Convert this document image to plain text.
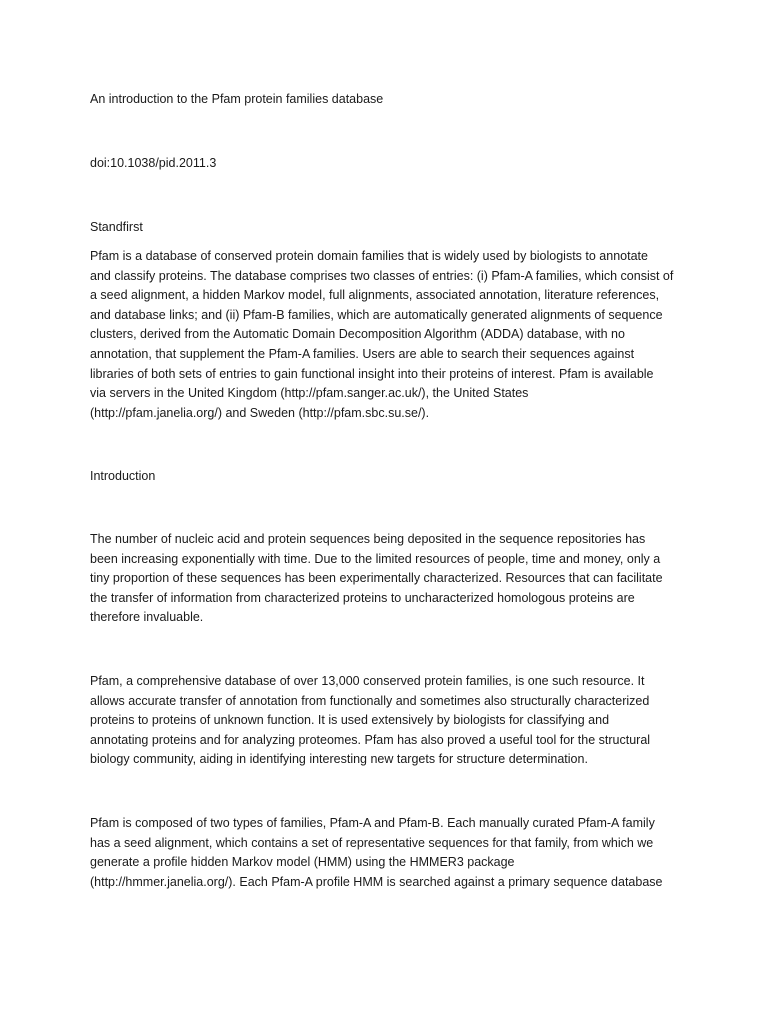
An introduction to the Pfam protein families database
doi:10.1038/pid.2011.3
Standfirst
Pfam is a database of conserved protein domain families that is widely used by biologists to annotate
and classify proteins. The database comprises two classes of entries: (i) Pfam-A families, which consist of
a seed alignment, a hidden Markov model, full alignments, associated annotation, literature references,
and database links; and (ii) Pfam-B families, which are automatically generated alignments of sequence
clusters, derived from the Automatic Domain Decomposition Algorithm (ADDA) database, with no
annotation, that supplement the Pfam-A families. Users are able to search their sequences against
libraries of both sets of entries to gain functional insight into their proteins of interest. Pfam is available
via servers in the United Kingdom (http://pfam.sanger.ac.uk/), the United States
(http://pfam.janelia.org/) and Sweden (http://pfam.sbc.su.se/).
Introduction
The number of nucleic acid and protein sequences being deposited in the sequence repositories has
been increasing exponentially with time. Due to the limited resources of people, time and money, only a
tiny proportion of these sequences has been experimentally characterized. Resources that can facilitate
the transfer of information from characterized proteins to uncharacterized homologous proteins are
therefore invaluable.
Pfam, a comprehensive database of over 13,000 conserved protein families, is one such resource. It
allows accurate transfer of annotation from functionally and sometimes also structurally characterized
proteins to proteins of unknown function. It is used extensively by biologists for classifying and
annotating proteins and for analyzing proteomes. Pfam has also proved a useful tool for the structural
biology community, aiding in identifying interesting new targets for structure determination.
Pfam is composed of two types of families, Pfam-A and Pfam-B. Each manually curated Pfam-A family
has a seed alignment, which contains a set of representative sequences for that family, from which we
generate a profile hidden Markov model (HMM) using the HMMER3 package
(http://hmmer.janelia.org/). Each Pfam-A profile HMM is searched against a primary sequence database
